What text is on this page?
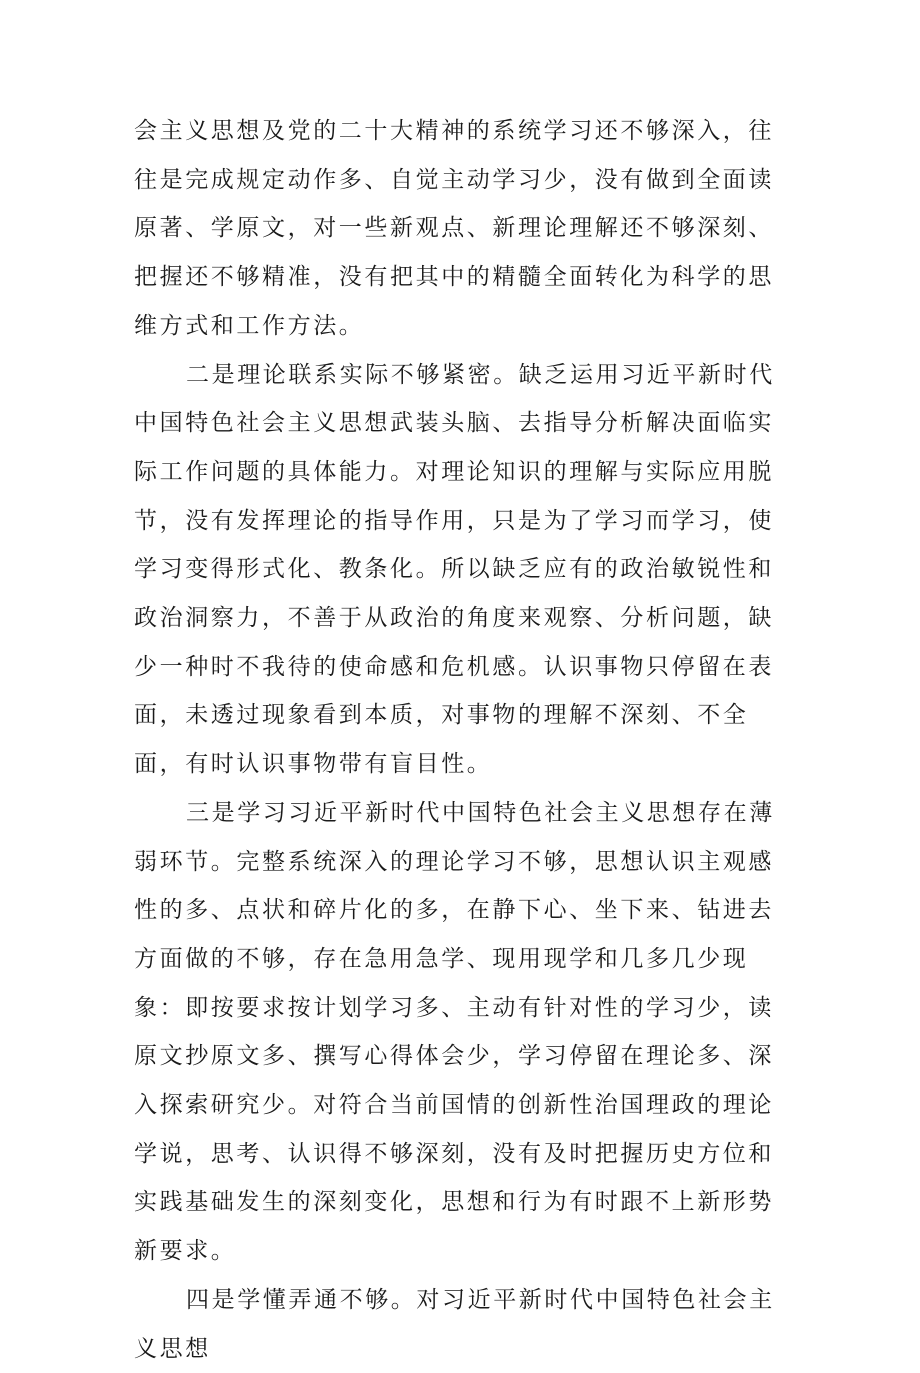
会主义思想及党的二十大精神的系统学习还不够深入，往往是完成规定动作多、自觉主动学习少，没有做到全面读原著、学原文，对一些新观点、新理论理解还不够深刻、把握还不够精准，没有把其中的精髓全面转化为科学的思维方式和工作方法。

二是理论联系实际不够紧密。缺乏运用习近平新时代中国特色社会主义思想武装头脑、去指导分析解决面临实际工作问题的具体能力。对理论知识的理解与实际应用脱节，没有发挥理论的指导作用，只是为了学习而学习，使学习变得形式化、教条化。所以缺乏应有的政治敏锐性和政治洞察力，不善于从政治的角度来观察、分析问题，缺少一种时不我待的使命感和危机感。认识事物只停留在表面，未透过现象看到本质，对事物的理解不深刻、不全面，有时认识事物带有盲目性。

三是学习习近平新时代中国特色社会主义思想存在薄弱环节。完整系统深入的理论学习不够，思想认识主观感性的多、点状和碎片化的多，在静下心、坐下来、钻进去方面做的不够，存在急用急学、现用现学和几多几少现象：即按要求按计划学习多、主动有针对性的学习少，读原文抄原文多、撰写心得体会少，学习停留在理论多、深入探索研究少。对符合当前国情的创新性治国理政的理论学说，思考、认识得不够深刻，没有及时把握历史方位和实践基础发生的深刻变化，思想和行为有时跟不上新形势新要求。

四是学懂弄通不够。对习近平新时代中国特色社会主义思想
